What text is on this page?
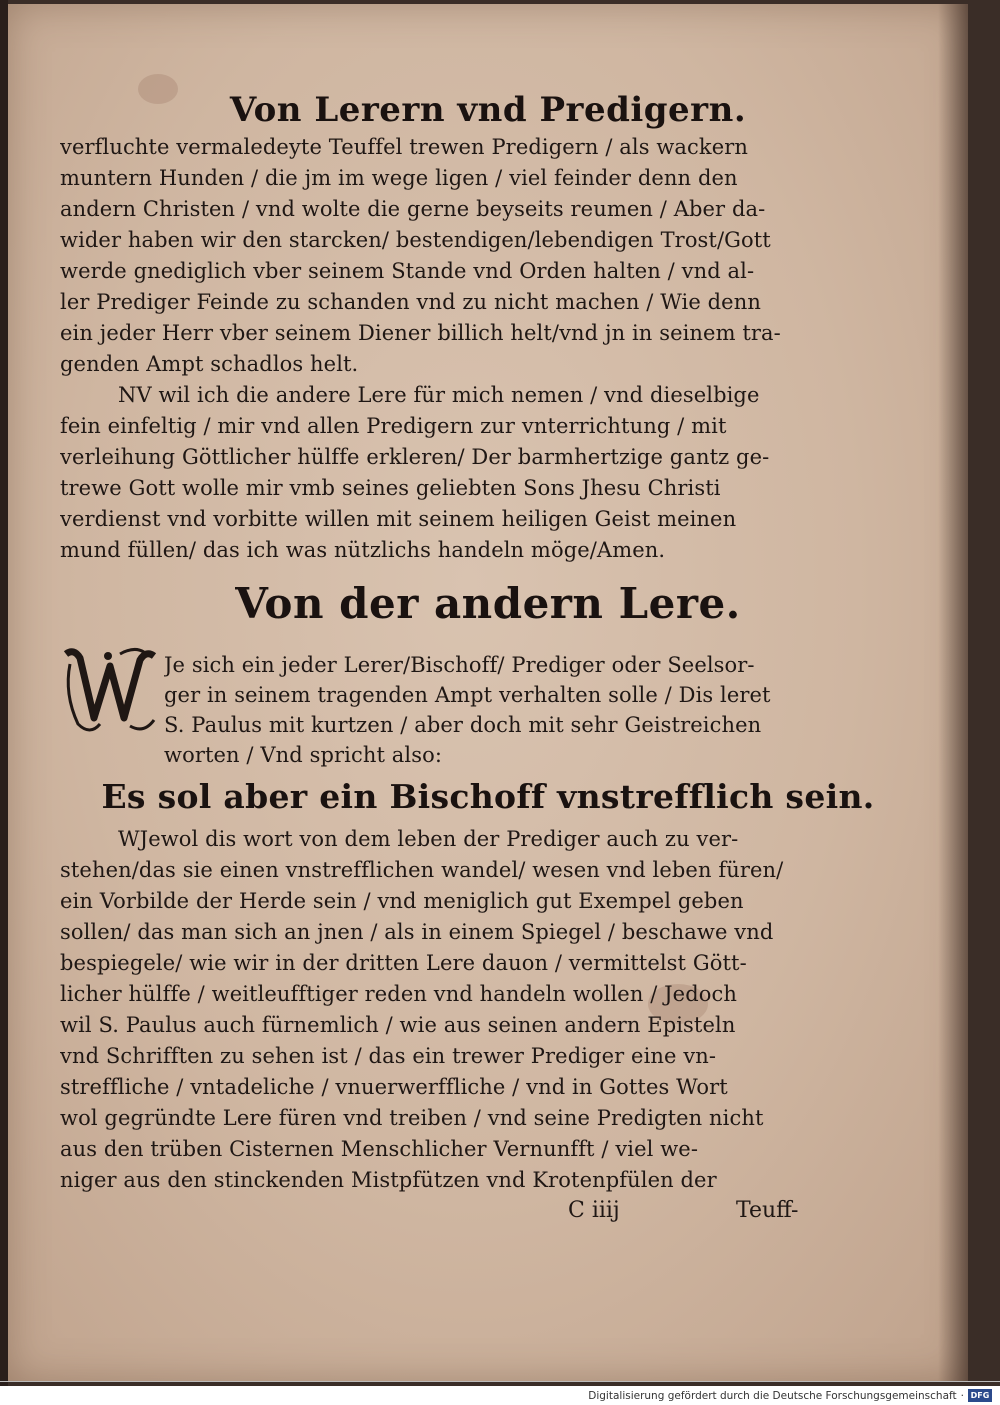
Von Lerern vnd Predigern.
verfluchte vermaledeyte Teuffel trewen Predigern / als wackern
muntern Hunden / die jm im wege ligen / viel feinder denn den
andern Christen / vnd wolte die gerne beyseits reumen / Aber da-
wider haben wir den starcken/ bestendigen/lebendigen Trost/Gott
werde gnediglich vber seinem Stande vnd Orden halten / vnd al-
ler Prediger Feinde zu schanden vnd zu nicht machen / Wie denn
ein jeder Herr vber seinem Diener billich helt/vnd jn in seinem tra-
genden Ampt schadlos helt.
NV wil ich die andere Lere für mich nemen / vnd dieselbige
fein einfeltig / mir vnd allen Predigern zur vnterrichtung / mit
verleihung Göttlicher hülffe erkleren/ Der barmhertzige gantz ge-
trewe Gott wolle mir vmb seines geliebten Sons Jhesu Christi
verdienst vnd vorbitte willen mit seinem heiligen Geist meinen
mund füllen/ das ich was nützlichs handeln möge/Amen.
Von der andern Lere.
W
Je sich ein jeder Lerer/Bischoff/ Prediger oder Seelsor-
ger in seinem tragenden Ampt verhalten solle / Dis leret
S. Paulus mit kurtzen / aber doch mit sehr Geistreichen
worten / Vnd spricht also:
Es sol aber ein Bischoff vnstrefflich sein.
WJewol dis wort von dem leben der Prediger auch zu ver-
stehen/das sie einen vnstrefflichen wandel/ wesen vnd leben füren/
ein Vorbilde der Herde sein / vnd meniglich gut Exempel geben
sollen/ das man sich an jnen / als in einem Spiegel / beschawe vnd
bespiegele/ wie wir in der dritten Lere dauon / vermittelst Gött-
licher hülffe / weitleufftiger reden vnd handeln wollen / Jedoch
wil S. Paulus auch fürnemlich / wie aus seinen andern Episteln
vnd Schrifften zu sehen ist / das ein trewer Prediger eine vn-
streffliche / vntadeliche / vnuerwerffliche / vnd in Gottes Wort
wol gegründte Lere füren vnd treiben / vnd seine Predigten nicht
aus den trüben Cisternen Menschlicher Vernunfft / viel we-
niger aus den stinckenden Mistpfützen vnd Krotenpfülen der
C iiij	Teuff-
Digitalisierung gefördert durch die Deutsche Forschungsgemeinschaft · DFG
